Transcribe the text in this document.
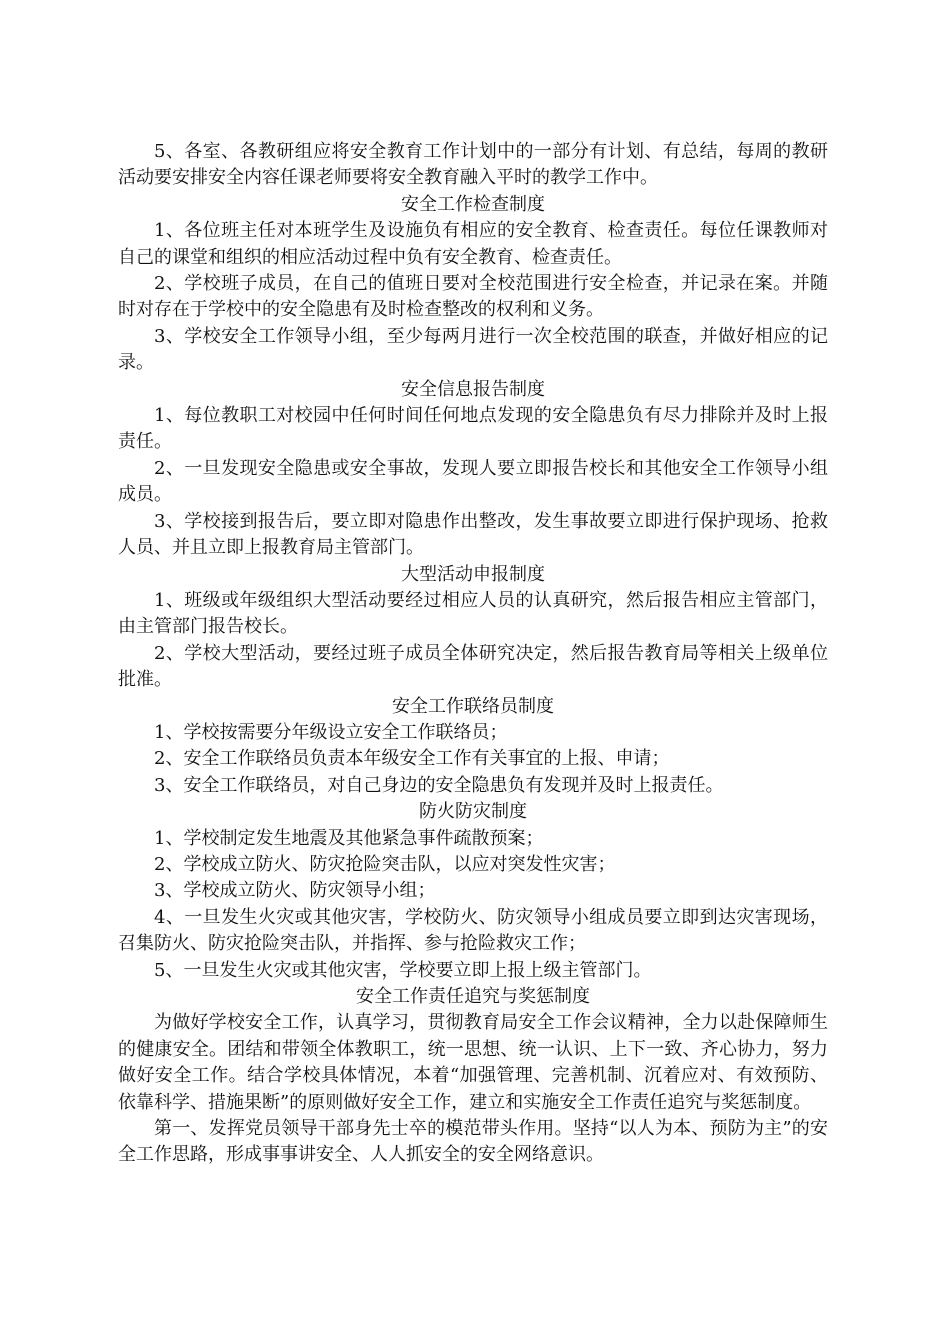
5、各室、各教研组应将安全教育工作计划中的一部分有计划、有总结，每周的教研活动要安排安全内容任课老师要将安全教育融入平时的教学工作中。

安全工作检查制度

1、各位班主任对本班学生及设施负有相应的安全教育、检查责任。每位任课教师对自己的课堂和组织的相应活动过程中负有安全教育、检查责任。

2、学校班子成员，在自己的值班日要对全校范围进行安全检查，并记录在案。并随时对存在于学校中的安全隐患有及时检查整改的权利和义务。

3、学校安全工作领导小组，至少每两月进行一次全校范围的联查，并做好相应的记录。

安全信息报告制度

1、每位教职工对校园中任何时间任何地点发现的安全隐患负有尽力排除并及时上报责任。

2、一旦发现安全隐患或安全事故，发现人要立即报告校长和其他安全工作领导小组成员。

3、学校接到报告后，要立即对隐患作出整改，发生事故要立即进行保护现场、抢救人员、并且立即上报教育局主管部门。

大型活动申报制度

1、班级或年级组织大型活动要经过相应人员的认真研究，然后报告相应主管部门，由主管部门报告校长。

2、学校大型活动，要经过班子成员全体研究决定，然后报告教育局等相关上级单位批准。

安全工作联络员制度

1、学校按需要分年级设立安全工作联络员；

2、安全工作联络员负责本年级安全工作有关事宜的上报、申请；

3、安全工作联络员，对自己身边的安全隐患负有发现并及时上报责任。

防火防灾制度

1、学校制定发生地震及其他紧急事件疏散预案；

2、学校成立防火、防灾抢险突击队，以应对突发性灾害；

3、学校成立防火、防灾领导小组；

4、一旦发生火灾或其他灾害，学校防火、防灾领导小组成员要立即到达灾害现场，召集防火、防灾抢险突击队，并指挥、参与抢险救灾工作；

5、一旦发生火灾或其他灾害，学校要立即上报上级主管部门。

安全工作责任追究与奖惩制度

为做好学校安全工作，认真学习，贯彻教育局安全工作会议精神，全力以赴保障师生的健康安全。团结和带领全体教职工，统一思想、统一认识、上下一致、齐心协力，努力做好安全工作。结合学校具体情况，本着“加强管理、完善机制、沉着应对、有效预防、依靠科学、措施果断”的原则做好安全工作，建立和实施安全工作责任追究与奖惩制度。

第一、发挥党员领导干部身先士卒的模范带头作用。坚持“以人为本、预防为主”的安全工作思路，形成事事讲安全、人人抓安全的安全网络意识。
